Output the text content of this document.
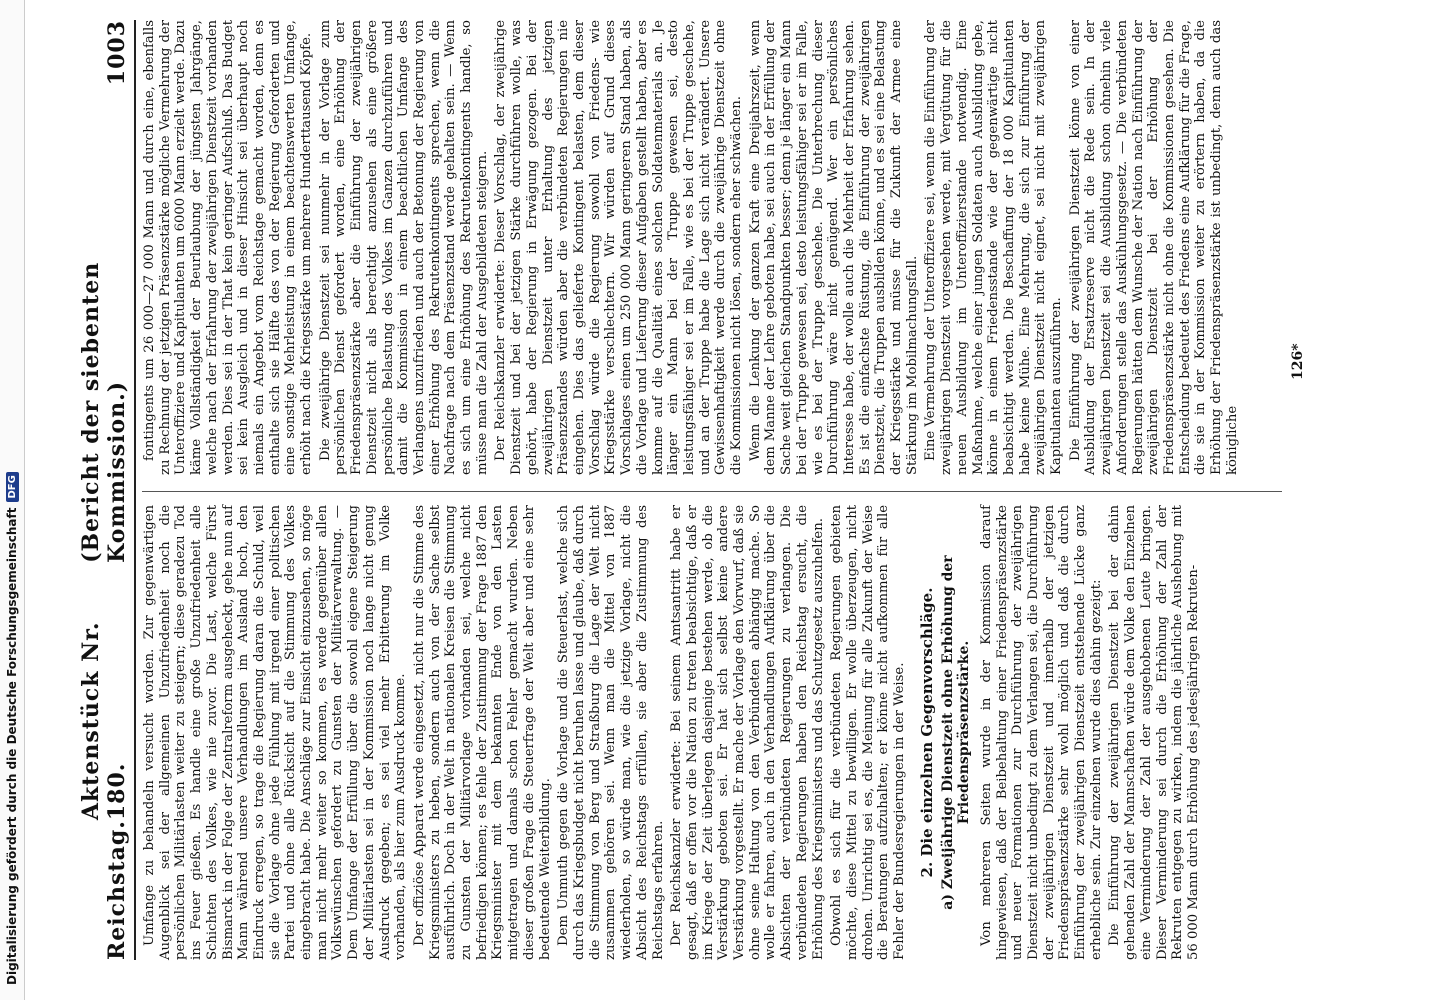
Digitalisierung gefördert durch die Deutsche Forschungsgemeinschaft
DFG
Reichstag.
Aktenstück Nr. 180.
(Bericht der siebenten Kommission.)
1003

Umfange zu behandeln versucht worden. Zur gegenwärtigen Augenblick sei der allgemeinen Unzufriedenheit noch die persönlichen Militärlasten weiter zu steigern; diese geradezu Tod ins Feuer gießen. Es handle eine große Unzufriedenheit alle Schichten des Volkes, wie nie zuvor. Die Last, welche Fürst Bismarck in der Folge der Zentralreform ausgeheckt, gehe nun auf Mann während unsere Verhandlungen im Ausland hoch, den Eindruck erregen, so trage die Regierung daran die Schuld, weil sie die Vorlage ohne jede Fühlung mit irgend einer politischen Partei und ohne alle Rücksicht auf die Stimmung des Volkes eingebracht habe. Die Anschläge zur Einsicht einzusehen, so möge man nicht mehr weiter so kommen, es werde gegenüber allen Volkswünschen gefordert zu Gunsten der Militärverwaltung. — Dem Umfange der Erfüllung über die sowohl eigene Steigerung der Militärlasten sei in der Kommission noch lange nicht genug Ausdruck gegeben; es sei viel mehr Erbitterung im Volke vorhanden, als hier zum Ausdruck komme. Der offiziöse Apparat werde eingesetzt, nicht nur die Stimme des Kriegsministers zu heben, sondern auch von der Sache selbst ausführlich. Doch in der Welt in nationalen Kreisen die Stimmung zu Gunsten der Militärvorlage vorhanden sei, welche nicht befriedigen können; es fehle der Zustimmung der Frage 1887 den Kriegsminister mit dem bekannten Ende von den Lasten mitgetragen und damals schon Fehler gemacht wurden. Neben dieser großen Frage die Steuerfrage der Welt aber und eine sehr bedeutende Weiterbildung. Dem Unmuth gegen die Vorlage und die Steuerlast, welche sich durch das Kriegsbudget nicht beruhen lasse und glaube, daß durch die Stimmung von Berg und Straßburg die Lage der Welt nicht zusammen gehören sei. Wenn man die Mittel von 1887 wiederholen, so würde man, wie die jetzige Vorlage, nicht die Absicht des Reichstags erfüllen, sie aber die Zustimmung des Reichstags erfahren. Der Reichskanzler erwiderte: Bei seinem Amtsantritt habe er gesagt, daß er offen vor die Nation zu treten beabsichtige, daß er im Kriege der Zeit überlegen dasjenige bestehen werde, ob die Verstärkung geboten sei. Er hat sich selbst keine andere Verstärkung vorgestellt. Er mache der Vorlage den Vorwurf, daß sie ohne seine Haltung von den Verbündeten abhängig mache. So wolle er fahren, auch in den Verhandlungen Aufklärung über die Absichten der verbündeten Regierungen zu verlangen. Die verbündeten Regierungen haben den Reichstag ersucht, die Erhöhung des Kriegsministers und das Schutzgesetz auszuhelfen. Obwohl es sich für die verbündeten Regierungen gebieten möchte, diese Mittel zu bewilligen. Er wolle überzeugen, nicht drohen. Unrichtig sei es, die Meinung für alle Zukunft der Weise die Beratungen aufzuhalten; er könne nicht aufkommen für alle Fehler der Bundesregierungen in der Weise. 2. Die einzelnen Gegenvorschläge. a) Zweijährige Dienstzeit ohne Erhöhung der Friedenspräsenzstärke. Von mehreren Seiten wurde in der Kommission darauf hingewiesen, daß der Beibehaltung einer Friedenspräsenzstärke und neuer Formationen zur Durchführung der zweijährigen Dienstzeit nicht unbedingt zu dem Verlangen sei, die Durchführung der zweijährigen Dienstzeit und innerhalb der jetzigen Friedenspräsenzstärke sehr wohl möglich und daß die durch Einführung der zweijährigen Dienstzeit entstehende Lücke ganz erhebliche sein. Zur einzelnen wurde dies dahin gezeigt: Die Einführung der zweijährigen Dienstzeit bei der dahin gehenden Zahl der Mannschaften würde dem Volke den Einzelnen eine Verminderung der Zahl der ausgehobenen Leute bringen. Dieser Verminderung sei durch die Erhöhung der Zahl der Rekruten entgegen zu wirken, indem die jährliche Aushebung mit 56 000 Mann durch Erhöhung des jedesjährigen Rekruten-

fontingents um 26 000—27 000 Mann und durch eine, ebenfalls zu Rechnung der jetzigen Präsenzstärke mögliche Vermehrung der Unteroffiziere und Kapitulanten um 6000 Mann erzielt werde. Dazu käme Vollständigkeit der Beurlaubung der jüngsten Jahrgänge, welche nach der Erfahrung der zweijährigen Dienstzeit vorhanden werden. Dies sei in der That kein geringer Aufschluß. Das Budget sei kein Ausgleich und in dieser Hinsicht sei überhaupt noch niemals ein Angebot vom Reichstage gemacht worden, denn es enthalte sich sie Hälfte des von der Regierung Geforderten und eine sonstige Mehrleistung in einem beachtenswerten Umfange, erhöht nach die Kriegsstärke um mehrere Hunderttausend Köpfe. Die zweijährige Dienstzeit sei nunmehr in der Vorlage zum persönlichen Dienst gefordert worden, eine Erhöhung der Friedenspräsenzstärke aber die Einführung der zweijährigen Dienstzeit nicht als berechtigt anzusehen als eine größere persönliche Belastung des Volkes im Ganzen durchzuführen und damit die Kommission in einem beachtlichen Umfange des Verlangens unzufrieden und auch der Betonung der Regierung von einer Erhöhung des Rekrutenkontingents sprechen, wenn die Nachfrage nach dem Präsenzstand werde gehalten sein. — Wenn es sich um eine Erhöhung des Rekrutenkontingents handle, so müsse man die Zahl der Ausgebildeten steigern. Der Reichskanzler erwiderte: Dieser Vorschlag, der zweijährige Dienstzeit und bei der jetzigen Stärke durchführen wolle, was gehört, habe der Regierung in Erwägung gezogen. Bei der zweijährigen Dienstzeit unter Erhaltung des jetzigen Präsenzstandes würden aber die verbündeten Regierungen nie eingehen. Dies das gelieferte Kontingent belasten, dem dieser Vorschlag würde die Regierung sowohl von Friedens- wie Kriegsstärke verschlechtern. Wir würden auf Grund dieses Vorschlages einen um 250 000 Mann geringeren Stand haben, als die Vorlage und Lieferung dieser Aufgaben gestellt haben, aber es komme auf die Qualität eines solchen Soldatenmaterials an. Je länger ein Mann bei der Truppe gewesen sei, desto leistungsfähiger sei er im Falle, wie es bei der Truppe geschehe, und an der Truppe habe die Lage sich nicht verändert. Unsere Gewissenhaftigkeit werde durch die zweijährige Dienstzeit ohne die Kommissionen nicht lösen, sondern eher schwächen. Wenn die Lenkung der ganzen Kraft eine Dreijahrszeit, wenn dem Manne der Lehre geboten habe, sei auch in der Erfüllung der Sache weit gleichen Standpunkten besser; denn je länger ein Mann bei der Truppe gewesen sei, desto leistungsfähiger sei er im Falle, wie es bei der Truppe geschehe. Die Unterbrechung dieser Durchführung wäre nicht genügend. Wer ein persönliches Interesse habe, der wolle auch die Mehrheit der Erfahrung sehen. Es ist die einfachste Rüstung, die Einführung der zweijährigen Dienstzeit, die Truppen ausbilden könne, und es sei eine Belastung der Kriegsstärke und müsse für die Zukunft der Armee eine Stärkung im Mobilmachungsfall. Eine Vermehrung der Unteroffiziere sei, wenn die Einführung der zweijährigen Dienstzeit vorgesehen werde, mit Vergütung für die neuen Ausbildung im Unteroffizierstande notwendig. Eine Maßnahme, welche einer jungen Soldaten auch Ausbildung gebe, könne in einem Friedensstande wie der gegenwärtige nicht beabsichtigt werden. Die Beschaffung der 18 000 Kapitulanten habe keine Mühe. Eine Mehrung, die sich zur Einführung der zweijährigen Dienstzeit nicht eignet, sei nicht mit zweijährigen Kapitulanten auszuführen. Die Einführung der zweijährigen Dienstzeit könne von einer Ausbildung der Ersatzreserve nicht die Rede sein. In der zweijährigen Dienstzeit sei die Ausbildung schon ohnehin viele Anforderungen stelle das Auskühlungsgesetz. — Die verbündeten Regierungen hätten dem Wunsche der Nation nach Einführung der zweijährigen Dienstzeit bei der Erhöhung der Friedenspräsenzstärke nicht ohne die Kommissionen gesehen. Die Entscheidung bedeutet des Friedens eine Aufklärung für die Frage, die sie in der Kommission weiter zu erörtern haben, da die Erhöhung der Friedenspräsenzstärke ist unbedingt, denn auch das königliche

126*
